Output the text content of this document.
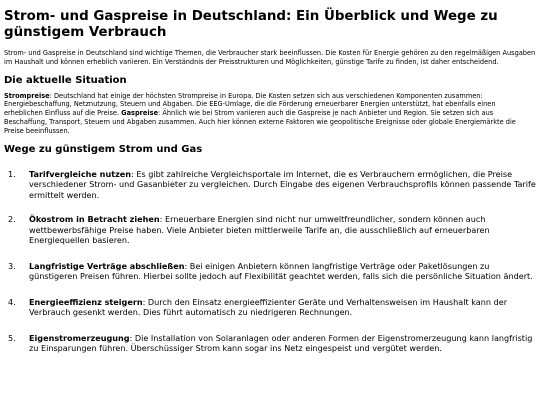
Strom- und Gaspreise in Deutschland: Ein Überblick und Wege zu günstigem Verbrauch

Strom- und Gaspreise in Deutschland sind wichtige Themen, die Verbraucher stark beeinflussen. Die Kosten für Energie gehören zu den regelmäßigen Ausgaben im Haushalt und können erheblich variieren. Ein Verständnis der Preisstrukturen und Möglichkeiten, günstige Tarife zu finden, ist daher entscheidend.

Die aktuelle Situation

Strompreise: Deutschland hat einige der höchsten Strompreise in Europa. Die Kosten setzen sich aus verschiedenen Komponenten zusammen: Energiebeschaffung, Netznutzung, Steuern und Abgaben. Die EEG-Umlage, die die Förderung erneuerbarer Energien unterstützt, hat ebenfalls einen erheblichen Einfluss auf die Preise. Gaspreise: Ähnlich wie bei Strom variieren auch die Gaspreise je nach Anbieter und Region. Sie setzen sich aus Beschaffung, Transport, Steuern und Abgaben zusammen. Auch hier können externe Faktoren wie geopolitische Ereignisse oder globale Energiemärkte die Preise beeinflussen.

Wege zu günstigem Strom und Gas
1. Tarifvergleiche nutzen: Es gibt zahlreiche Vergleichsportale im Internet, die es Verbrauchern ermöglichen, die Preise verschiedener Strom- und Gasanbieter zu vergleichen. Durch Eingabe des eigenen Verbrauchsprofils können passende Tarife ermittelt werden.
2. Ökostrom in Betracht ziehen: Erneuerbare Energien sind nicht nur umweltfreundlicher, sondern können auch wettbewerbsfähige Preise haben. Viele Anbieter bieten mittlerweile Tarife an, die ausschließlich auf erneuerbaren Energiequellen basieren.
3. Langfristige Verträge abschließen: Bei einigen Anbietern können langfristige Verträge oder Paketlösungen zu günstigeren Preisen führen. Hierbei sollte jedoch auf Flexibilität geachtet werden, falls sich die persönliche Situation ändert.
4. Energieeffizienz steigern: Durch den Einsatz energieeffizienter Geräte und Verhaltensweisen im Haushalt kann der Verbrauch gesenkt werden. Dies führt automatisch zu niedrigeren Rechnungen.
5. Eigenstromerzeugung: Die Installation von Solaranlagen oder anderen Formen der Eigenstromerzeugung kann langfristig zu Einsparungen führen. Überschüssiger Strom kann sogar ins Netz eingespeist und vergütet werden.
